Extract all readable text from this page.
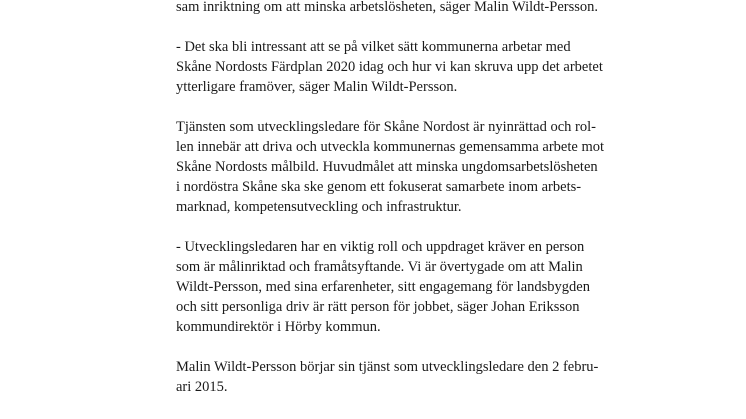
sam inriktning om att minska arbetslösheten, säger Malin Wildt-Persson.
- Det ska bli intressant att se på vilket sätt kommunerna arbetar med
Skåne Nordosts Färdplan 2020 idag och hur vi kan skruva upp det arbetet
ytterligare framöver, säger Malin Wildt-Persson.
Tjänsten som utvecklingsledare för Skåne Nordost är nyinrättad och rol-
len innebär att driva och utveckla kommunernas gemensamma arbete mot
Skåne Nordosts målbild. Huvudmålet att minska ungdomsarbetslösheten
i nordöstra Skåne ska ske genom ett fokuserat samarbete inom arbets-
marknad, kompetensutveckling och infrastruktur.
- Utvecklingsledaren har en viktig roll och uppdraget kräver en person
som är målinriktad och framåtsyftande. Vi är övertygade om att Malin
Wildt-Persson, med sina erfarenheter, sitt engagemang för landsbygden
och sitt personliga driv är rätt person för jobbet, säger Johan Eriksson
kommundirektör i Hörby kommun.
Malin Wildt-Persson börjar sin tjänst som utvecklingsledare den 2 febru-
ari 2015.
